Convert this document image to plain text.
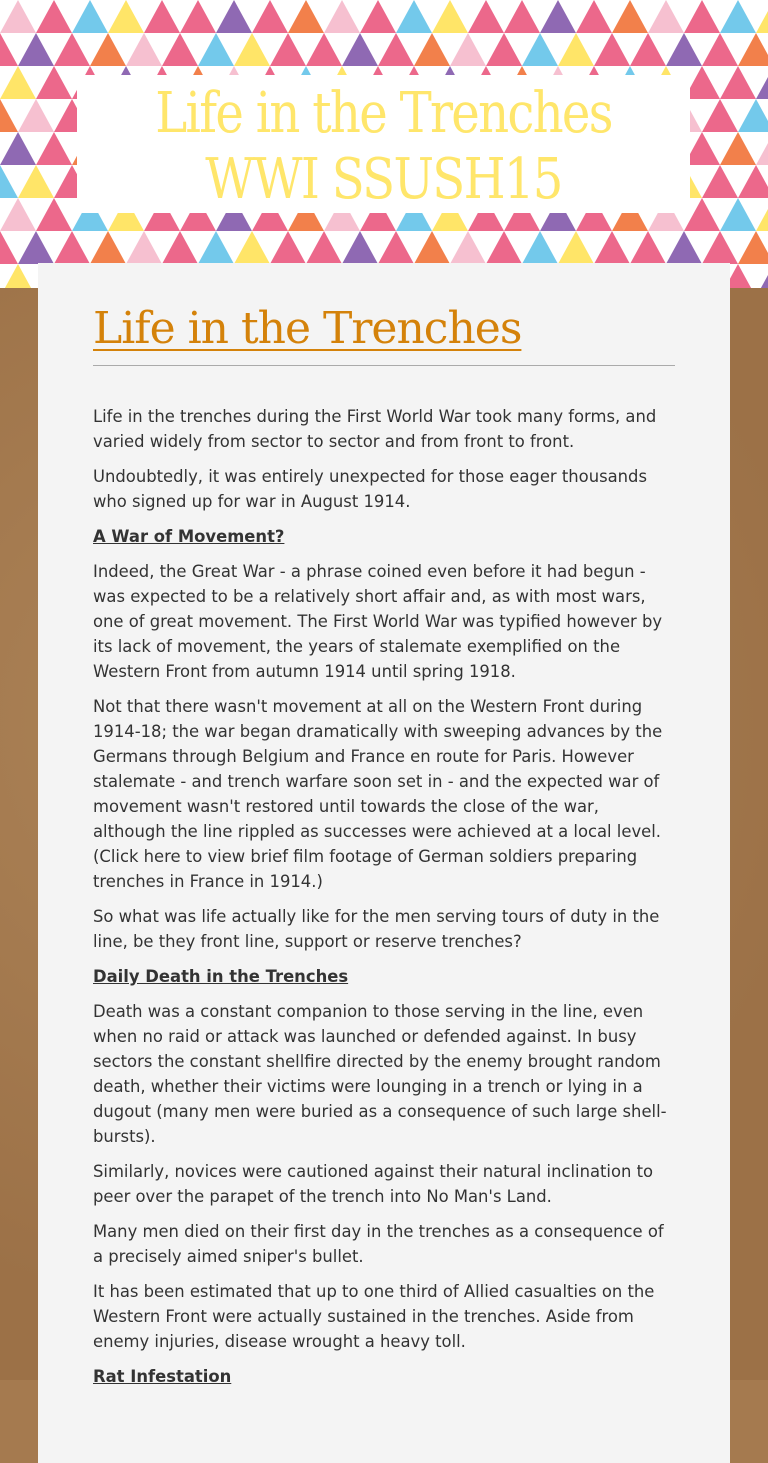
Life in the Trenches
WWI SSUSH15
Life in the Trenches

Life in the trenches during the First World War took many forms, and varied widely from sector to sector and from front to front.

Undoubtedly, it was entirely unexpected for those eager thousands who signed up for war in August 1914.

A War of Movement?

Indeed, the Great War - a phrase coined even before it had begun - was expected to be a relatively short affair and, as with most wars, one of great movement. The First World War was typified however by its lack of movement, the years of stalemate exemplified on the Western Front from autumn 1914 until spring 1918.

Not that there wasn't movement at all on the Western Front during 1914-18; the war began dramatically with sweeping advances by the Germans through Belgium and France en route for Paris. However stalemate - and trench warfare soon set in - and the expected war of movement wasn't restored until towards the close of the war, although the line rippled as successes were achieved at a local level. (Click here to view brief film footage of German soldiers preparing trenches in France in 1914.)

So what was life actually like for the men serving tours of duty in the line, be they front line, support or reserve trenches?

Daily Death in the Trenches

Death was a constant companion to those serving in the line, even when no raid or attack was launched or defended against. In busy sectors the constant shellfire directed by the enemy brought random death, whether their victims were lounging in a trench or lying in a dugout (many men were buried as a consequence of such large shell-bursts).

Similarly, novices were cautioned against their natural inclination to peer over the parapet of the trench into No Man's Land.

Many men died on their first day in the trenches as a consequence of a precisely aimed sniper's bullet.

It has been estimated that up to one third of Allied casualties on the Western Front were actually sustained in the trenches. Aside from enemy injuries, disease wrought a heavy toll.

Rat Infestation
